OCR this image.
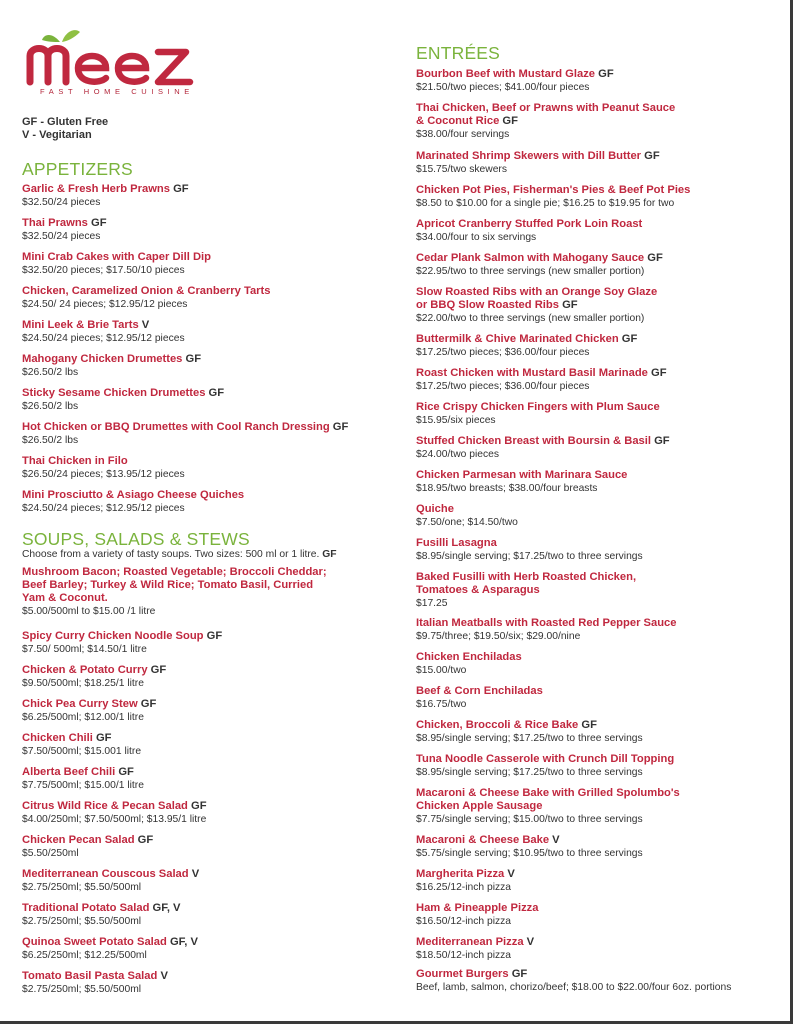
FAST HOME CUISINE
GF - Gluten Free
V - Vegitarian
APPETIZERS
Garlic & Fresh Herb Prawns GF
$32.50/24 pieces
Thai Prawns GF
$32.50/24 pieces
Mini Crab Cakes with Caper Dill Dip
$32.50/20 pieces; $17.50/10 pieces
Chicken, Caramelized Onion & Cranberry Tarts
$24.50/ 24 pieces; $12.95/12 pieces
Mini Leek & Brie Tarts V
$24.50/24 pieces; $12.95/12 pieces
Mahogany Chicken Drumettes GF
$26.50/2 lbs
Sticky Sesame Chicken Drumettes GF
$26.50/2 lbs
Hot Chicken or BBQ Drumettes with Cool Ranch Dressing GF
$26.50/2 lbs
Thai Chicken in Filo
$26.50/24 pieces; $13.95/12 pieces
Mini Prosciutto & Asiago Cheese Quiches
$24.50/24 pieces; $12.95/12 pieces
SOUPS, SALADS & STEWS
Choose from a variety of tasty soups. Two sizes: 500 ml or 1 litre. GF
Mushroom Bacon; Roasted Vegetable; Broccoli Cheddar;
Beef Barley; Turkey & Wild Rice; Tomato Basil, Curried
Yam & Coconut.
$5.00/500ml to $15.00 /1 litre
Spicy Curry Chicken Noodle Soup GF
$7.50/ 500ml; $14.50/1 litre
Chicken & Potato Curry GF
$9.50/500ml; $18.25/1 litre
Chick Pea Curry Stew GF
$6.25/500ml; $12.00/1 litre
Chicken Chili GF
$7.50/500ml; $15.001 litre
Alberta Beef Chili GF
$7.75/500ml; $15.00/1 litre
Citrus Wild Rice & Pecan Salad GF
$4.00/250ml; $7.50/500ml; $13.95/1 litre
Chicken Pecan Salad GF
$5.50/250ml
Mediterranean Couscous Salad V
$2.75/250ml; $5.50/500ml
Traditional Potato Salad GF, V
$2.75/250ml; $5.50/500ml
Quinoa Sweet Potato Salad GF, V
$6.25/250ml; $12.25/500ml
Tomato Basil Pasta Salad V
$2.75/250ml; $5.50/500ml
ENTRÉES
Bourbon Beef with Mustard Glaze GF
$21.50/two pieces; $41.00/four pieces
Thai Chicken, Beef or Prawns with Peanut Sauce
& Coconut Rice GF
$38.00/four servings
Marinated Shrimp Skewers with Dill Butter GF
$15.75/two skewers
Chicken Pot Pies, Fisherman's Pies & Beef Pot Pies
$8.50 to $10.00 for a single pie; $16.25 to $19.95 for two
Apricot Cranberry Stuffed Pork Loin Roast
$34.00/four to six servings
Cedar Plank Salmon with Mahogany Sauce GF
$22.95/two to three servings (new smaller portion)
Slow Roasted Ribs with an Orange Soy Glaze
or BBQ Slow Roasted Ribs GF
$22.00/two to three servings (new smaller portion)
Buttermilk & Chive Marinated Chicken GF
$17.25/two pieces; $36.00/four pieces
Roast Chicken with Mustard Basil Marinade GF
$17.25/two pieces; $36.00/four pieces
Rice Crispy Chicken Fingers with Plum Sauce
$15.95/six pieces
Stuffed Chicken Breast with Boursin & Basil GF
$24.00/two pieces
Chicken Parmesan with Marinara Sauce
$18.95/two breasts; $38.00/four breasts
Quiche
$7.50/one; $14.50/two
Fusilli Lasagna
$8.95/single serving; $17.25/two to three servings
Baked Fusilli with Herb Roasted Chicken,
Tomatoes & Asparagus
$17.25
Italian Meatballs with Roasted Red Pepper Sauce
$9.75/three; $19.50/six; $29.00/nine
Chicken Enchiladas
$15.00/two
Beef & Corn Enchiladas
$16.75/two
Chicken, Broccoli & Rice Bake GF
$8.95/single serving; $17.25/two to three servings
Tuna Noodle Casserole with Crunch Dill Topping
$8.95/single serving; $17.25/two to three servings
Macaroni & Cheese Bake with Grilled Spolumbo's
Chicken Apple Sausage
$7.75/single serving; $15.00/two to three servings
Macaroni & Cheese Bake V
$5.75/single serving; $10.95/two to three servings
Margherita Pizza V
$16.25/12-inch pizza
Ham & Pineapple Pizza
$16.50/12-inch pizza
Mediterranean Pizza V
$18.50/12-inch pizza
Gourmet Burgers GF
Beef, lamb, salmon, chorizo/beef; $18.00 to $22.00/four 6oz. portions
